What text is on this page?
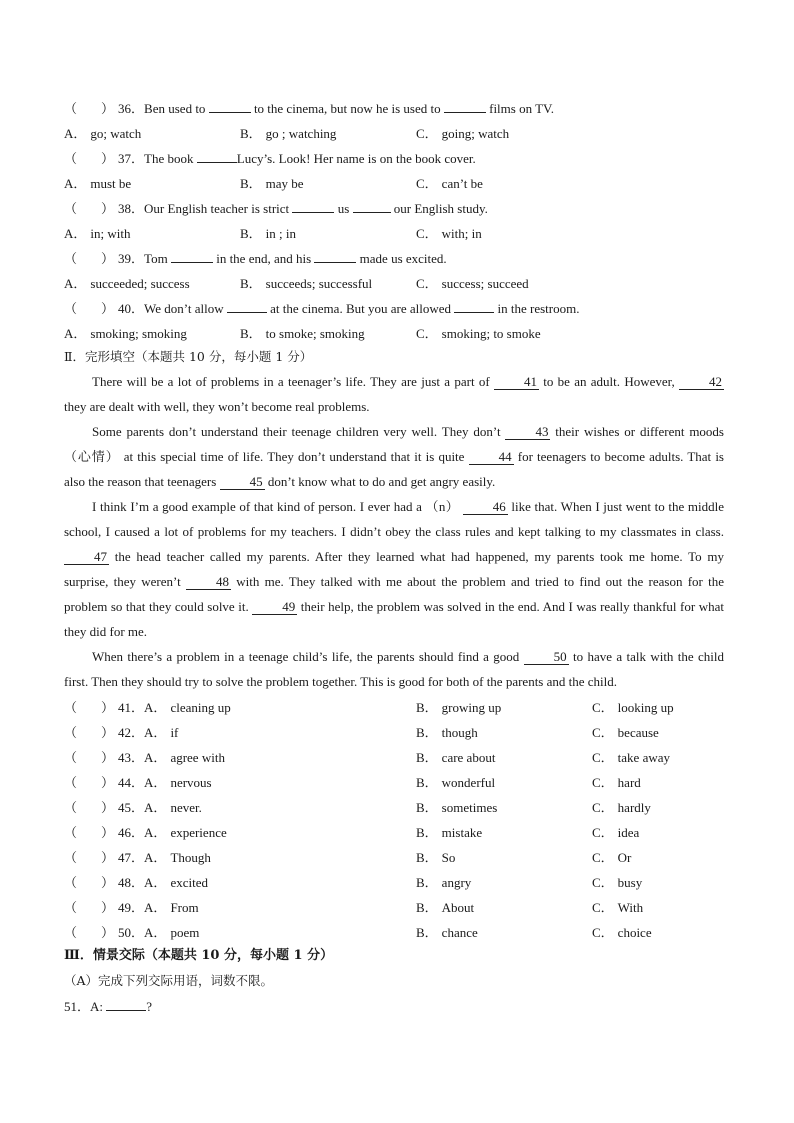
（ ） 36．Ben used to	to the cinema, but now he is used to	films on TV.
A． go; watch	B． go ; watching	C． going; watch
（ ） 37．The book	Lucy’s. Look! Her name is on the book cover.
A． must be	B． may be	C． can’t be
（ ） 38．Our English teacher is strict	us	our English study.
A． in; with	B． in ; in	C． with; in
（ ） 39．Tom	in the end, and his	made us excited.
A． succeeded; success	B． succeeds; successful	C． success; succeed
（ ） 40．We don’t allow	at the cinema. But you are allowed	in the restroom.
A． smoking; smoking	B． to smoke; smoking	C． smoking; to smoke
Ⅱ．完形填空（本题共 10 分，每小题 1 分）
There will be a lot of problems in a teenager’s life. They are just a part of 41 to be an adult. However, 42 they are dealt with well, they won’t become real problems.
Some parents don’t understand their teenage children very well. They don’t 43 their wishes or different moods（心情） at this special time of life. They don’t understand that it is quite 44 for teenagers to become adults. That is also the reason that teenagers 45 don’t know what to do and get angry easily.
I think I’m a good example of that kind of person. I ever had a （n） 46 like that. When I just went to the middle school, I caused a lot of problems for my teachers. I didn’t obey the class rules and kept talking to my classmates in class. 47 the head teacher called my parents. After they learned what had happened, my parents took me home. To my surprise, they weren’t 48 with me. They talked with me about the problem and tried to find out the reason for the problem so that they could solve it. 49 their help, the problem was solved in the end. And I was really thankful for what they did for me.
When there’s a problem in a teenage child’s life, the parents should find a good 50 to have a talk with the child first. Then they should try to solve the problem together. This is good for both of the parents and the child.
（ ） 41．A． cleaning up	B． growing up	C． looking up
（ ） 42．A． if	B． though	C． because
（ ） 43．A． agree with	B． care about	C． take away
（ ） 44．A． nervous	B． wonderful	C． hard
（ ） 45．A． never.	B． sometimes	C． hardly
（ ） 46．A． experience	B． mistake	C． idea
（ ） 47．A． Though	B． So	C． Or
（ ） 48．A． excited	B． angry	C． busy
（ ） 49．A． From	B． About	C． With
（ ） 50．A． poem	B． chance	C． choice
Ⅲ．情景交际（本题共 10 分，每小题 1 分）
（A）完成下列交际用语，词数不限。
51．A:	?
